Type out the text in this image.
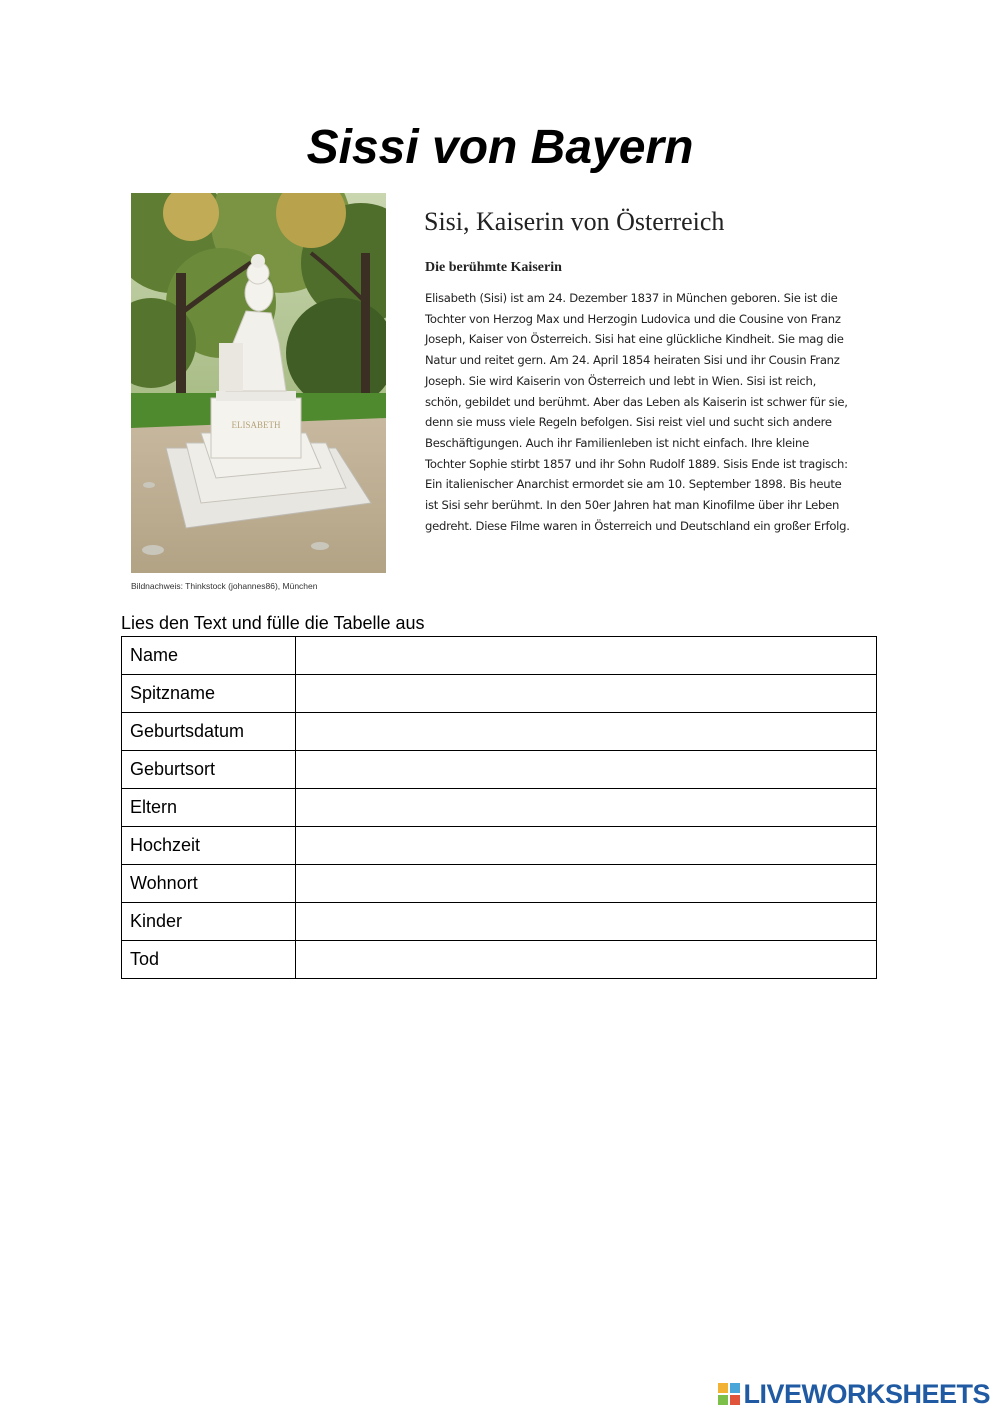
Sissi von Bayern
ELISABETH
Bildnachweis: Thinkstock (johannes86), München
Sisi, Kaiserin von Österreich
Die berühmte Kaiserin
Elisabeth (Sisi) ist am 24. Dezember 1837 in München geboren. Sie ist die
Tochter von Herzog Max und Herzogin Ludovica und die Cousine von Franz
Joseph, Kaiser von Österreich. Sisi hat eine glückliche Kindheit. Sie mag die
Natur und reitet gern. Am 24. April 1854 heiraten Sisi und ihr Cousin Franz
Joseph. Sie wird Kaiserin von Österreich und lebt in Wien. Sisi ist reich,
schön, gebildet und berühmt. Aber das Leben als Kaiserin ist schwer für sie,
denn sie muss viele Regeln befolgen. Sisi reist viel und sucht sich andere
Beschäftigungen. Auch ihr Familienleben ist nicht einfach. Ihre kleine
Tochter Sophie stirbt 1857 und ihr Sohn Rudolf 1889. Sisis Ende ist tragisch:
Ein italienischer Anarchist ermordet sie am 10. September 1898. Bis heute
ist Sisi sehr berühmt. In den 50er Jahren hat man Kinofilme über ihr Leben
gedreht. Diese Filme waren in Österreich und Deutschland ein großer Erfolg.
Lies den Text und fülle die Tabelle aus
Name	
Spitzname	
Geburtsdatum	
Geburtsort	
Eltern	
Hochzeit	
Wohnort	
Kinder	
Tod	
LIVEWORKSHEETS
